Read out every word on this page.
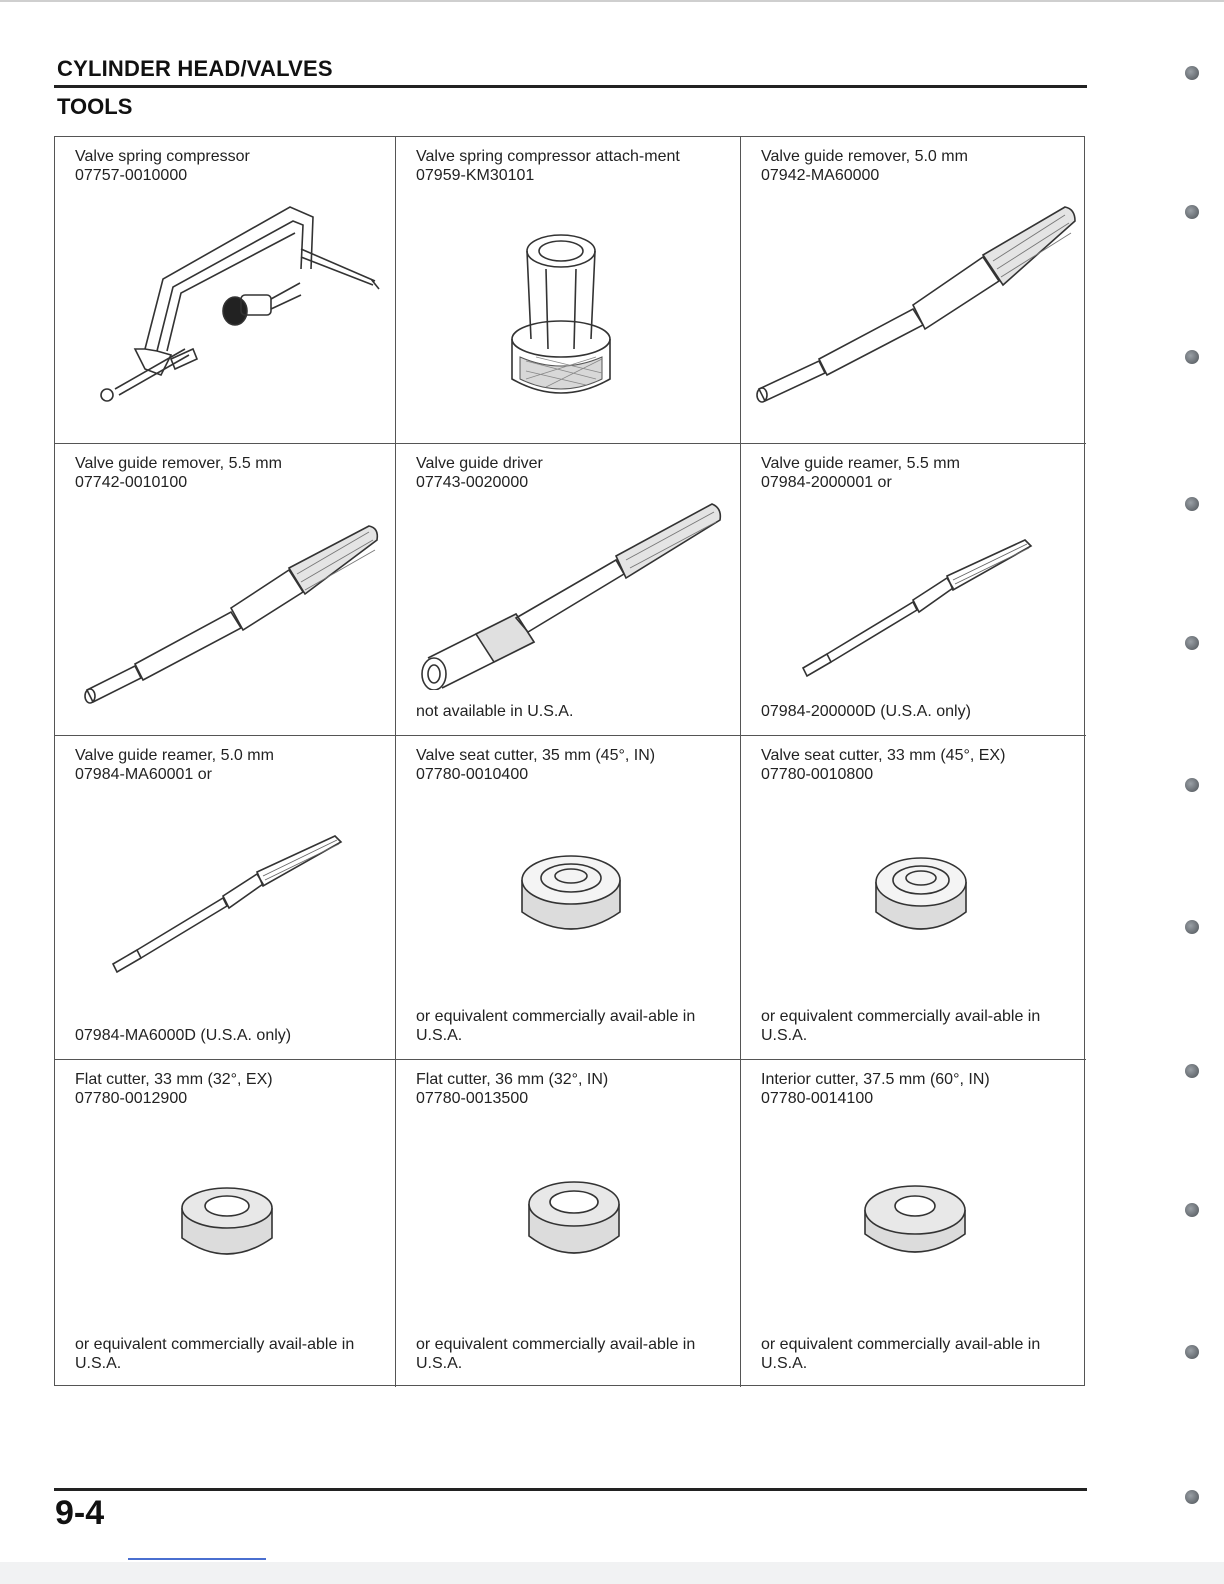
CYLINDER HEAD/VALVES
TOOLS
Valve spring compressor
07757-0010000
Valve spring compressor attach-ment
07959-KM30101
Valve guide remover, 5.0 mm
07942-MA60000
Valve guide remover, 5.5 mm
07742-0010100
Valve guide driver
07743-0020000
not available in U.S.A.
Valve guide reamer, 5.5 mm
07984-2000001 or
07984-200000D (U.S.A. only)
Valve guide reamer, 5.0 mm
07984-MA60001 or
07984-MA6000D (U.S.A. only)
Valve seat cutter, 35 mm (45°, IN)
07780-0010400
or equivalent commercially avail-able in U.S.A.
Valve seat cutter, 33 mm (45°, EX)
07780-0010800
or equivalent commercially avail-able in U.S.A.
Flat cutter, 33 mm (32°, EX)
07780-0012900
or equivalent commercially avail-able in U.S.A.
Flat cutter, 36 mm (32°, IN)
07780-0013500
or equivalent commercially avail-able in U.S.A.
Interior cutter, 37.5 mm (60°, IN)
07780-0014100
or equivalent commercially avail-able in U.S.A.
9-4
